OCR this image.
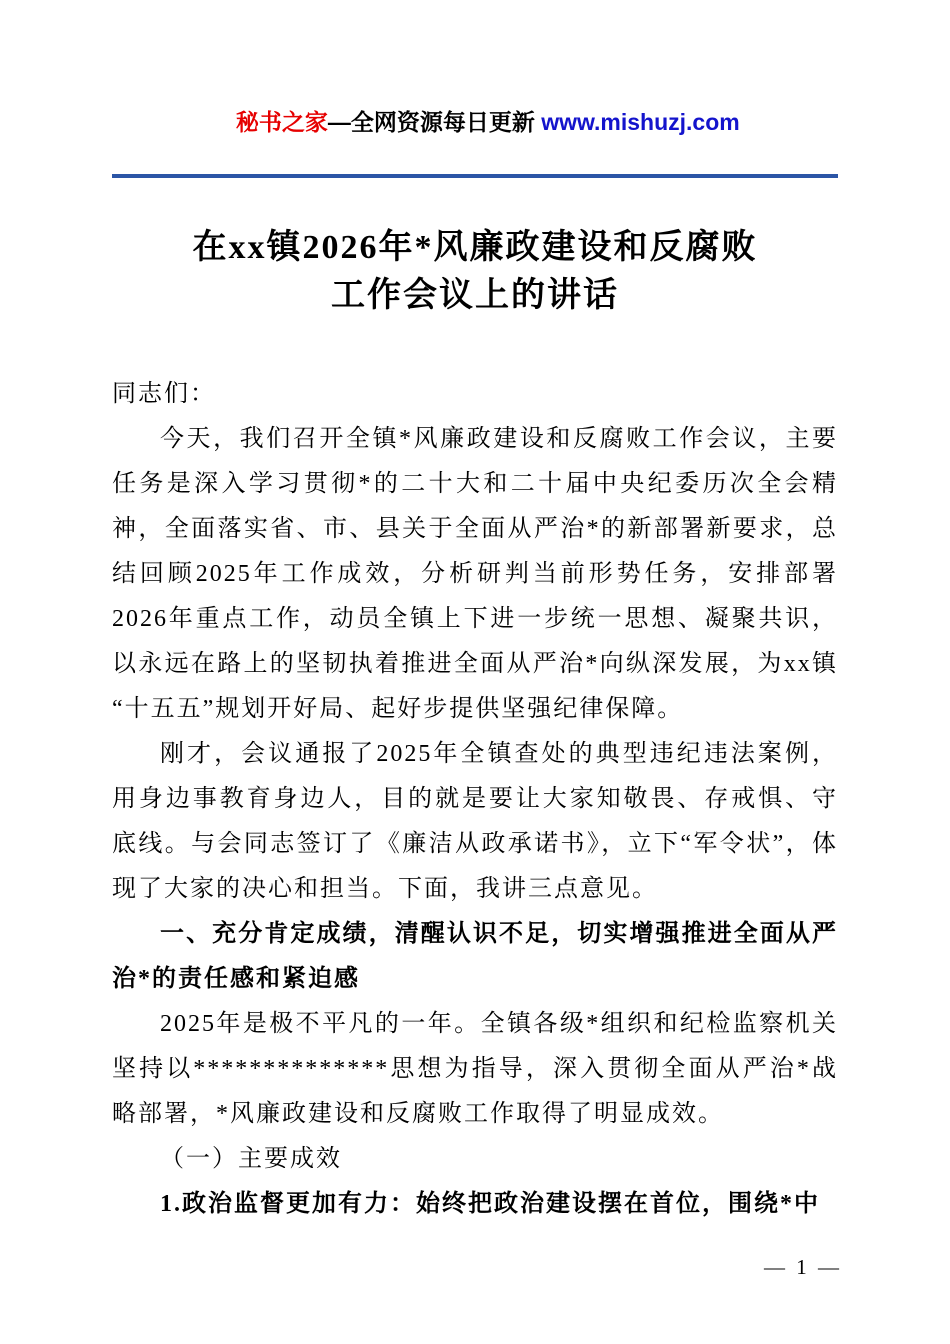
秘书之家—全网资源每日更新 www.mishuzj.com

在xx镇2026年*风廉政建设和反腐败
工作会议上的讲话

同志们：

今天，我们召开全镇*风廉政建设和反腐败工作会议，主要任务是深入学习贯彻*的二十大和二十届中央纪委历次全会精神，全面落实省、市、县关于全面从严治*的新部署新要求，总结回顾2025年工作成效，分析研判当前形势任务，安排部署2026年重点工作，动员全镇上下进一步统一思想、凝聚共识，以永远在路上的坚韧执着推进全面从严治*向纵深发展，为xx镇“十五五”规划开好局、起好步提供坚强纪律保障。

刚才，会议通报了2025年全镇查处的典型违纪违法案例，用身边事教育身边人，目的就是要让大家知敬畏、存戒惧、守底线。与会同志签订了《廉洁从政承诺书》，立下“军令状”，体现了大家的决心和担当。下面，我讲三点意见。

一、充分肯定成绩，清醒认识不足，切实增强推进全面从严治*的责任感和紧迫感

2025年是极不平凡的一年。全镇各级*组织和纪检监察机关坚持以**************思想为指导，深入贯彻全面从严治*战略部署，*风廉政建设和反腐败工作取得了明显成效。

（一）主要成效

1.政治监督更加有力：始终把政治建设摆在首位，围绕*中

— 1 —
